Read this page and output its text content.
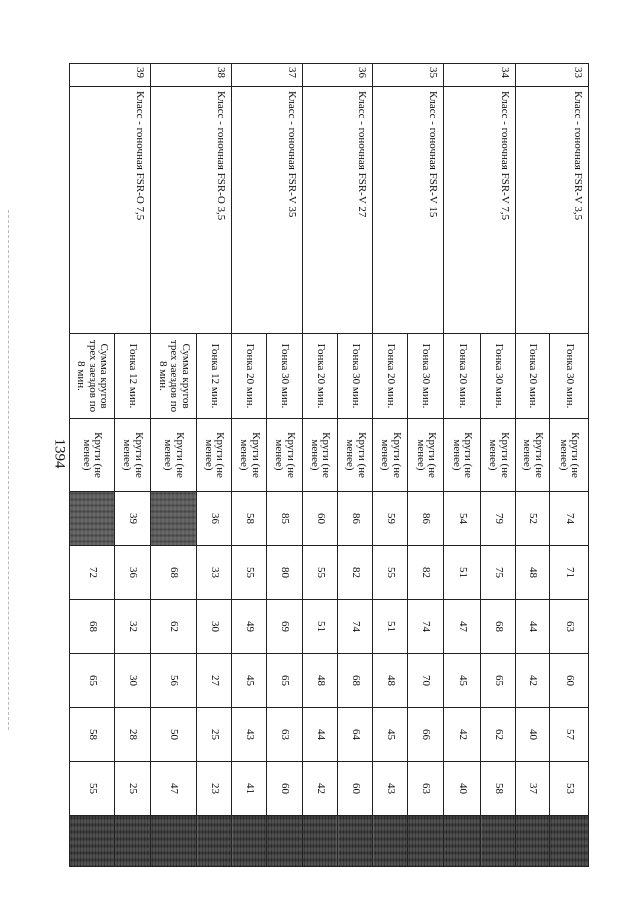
1394
33	Класс - гоночная FSR-V 3,5	Гонка 30 мин.	Круги (не менее)	74	71	63	60	57	53	
		Гонка 20 мин.	Круги (не менее)	52	48	44	42	40	37	
34	Класс - гоночная FSR-V 7,5	Гонка 30 мин.	Круги (не менее)	79	75	68	65	62	58	
		Гонка 20 мин.	Круги (не менее)	54	51	47	45	42	40	
35	Класс - гоночная FSR-V 15	Гонка 30 мин.	Круги (не менее)	86	82	74	70	66	63	
		Гонка 20 мин.	Круги (не менее)	59	55	51	48	45	43	
36	Класс - гоночная FSR-V 27	Гонка 30 мин.	Круги (не менее)	86	82	74	68	64	60	
		Гонка 20 мин.	Круги (не менее)	60	55	51	48	44	42	
37	Класс - гоночная FSR-V 35	Гонка 30 мин.	Круги (не менее)	85	80	69	65	63	60	
		Гонка 20 мин.	Круги (не менее)	58	55	49	45	43	41	
38	Класс - гоночная FSR-O 3,5	Гонка 12 мин.	Круги (не менее)	36	33	30	27	25	23	
		Сумма кругов трех заездов по 8 мин.	Круги (не менее)		68	62	56	50	47	
39	Класс - гоночная FSR-O 7,5	Гонка 12 мин.	Круги (не менее)	39	36	32	30	28	25	
		Сумма кругов трех заездов по 8 мин.	Круги (не менее)		72	68	65	58	55	
